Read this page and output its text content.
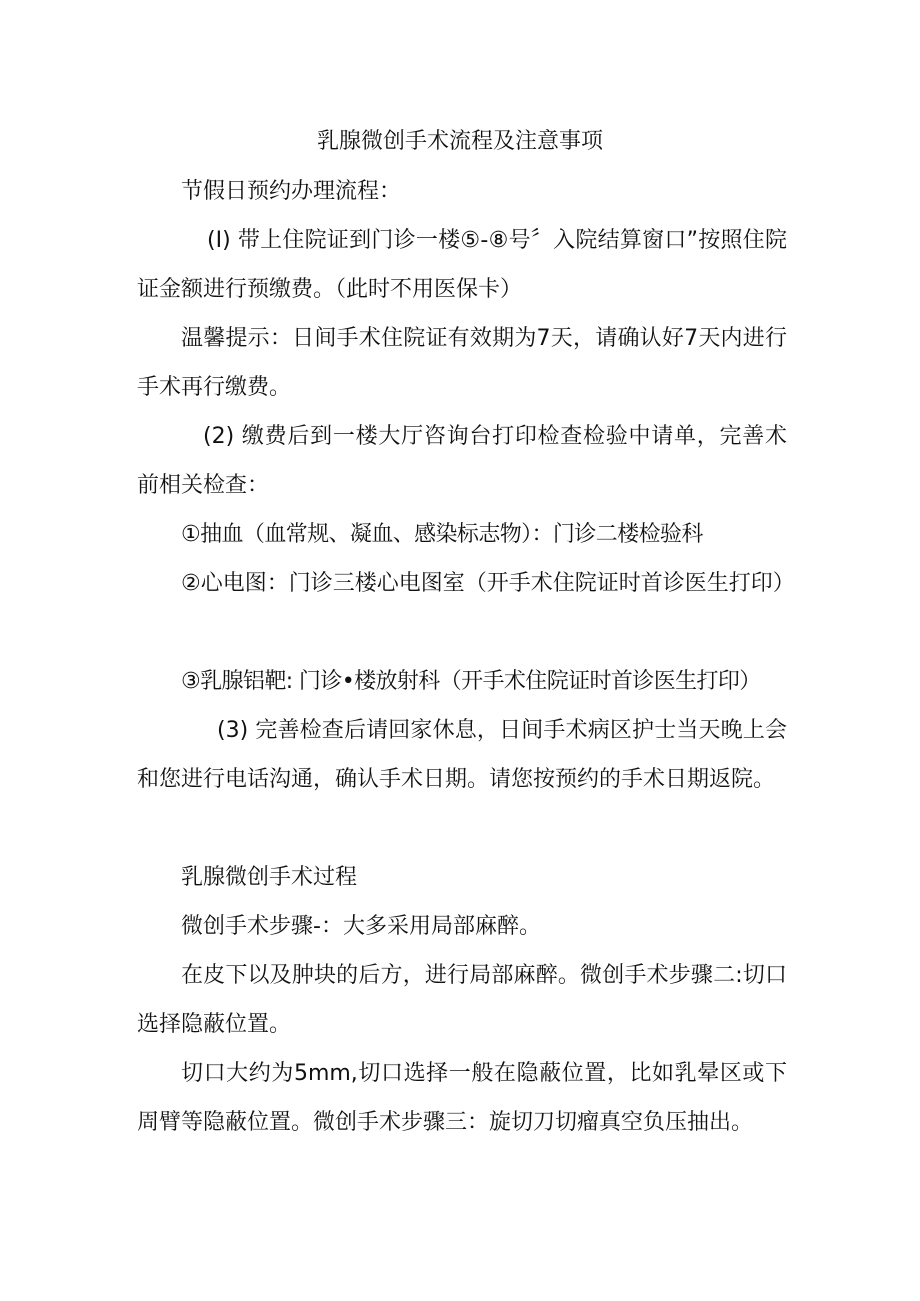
乳腺微创手术流程及注意事项

节假日预约办理流程：

(I) 带上住院证到门诊一楼⑤-⑧号〞入院结算窗口”按照住院证金额进行预缴费。（此时不用医保卡）

温馨提示：日间手术住院证有效期为7天，请确认好7天内进行手术再行缴费。

(2) 缴费后到一楼大厅咨询台打印检查检验中请单，完善术前相关检查：

①抽血（血常规、凝血、感染标志物）：门诊二楼检验科

②心电图：门诊三楼心电图室（开手术住院证时首诊医生打印）

③乳腺铝靶: 门诊•楼放射科（开手术住院证时首诊医生打印）

(3) 完善检查后请回家休息，日间手术病区护士当天晚上会和您进行电话沟通，确认手术日期。请您按预约的手术日期返院。

乳腺微创手术过程

微创手术步骤-：大多采用局部麻醉。

在皮下以及肿块的后方，进行局部麻醉。微创手术步骤二:切口选择隐蔽位置。

切口大约为5mm,切口选择一般在隐蔽位置，比如乳晕区或下周臂等隐蔽位置。微创手术步骤三：旋切刀切瘤真空负压抽出。
